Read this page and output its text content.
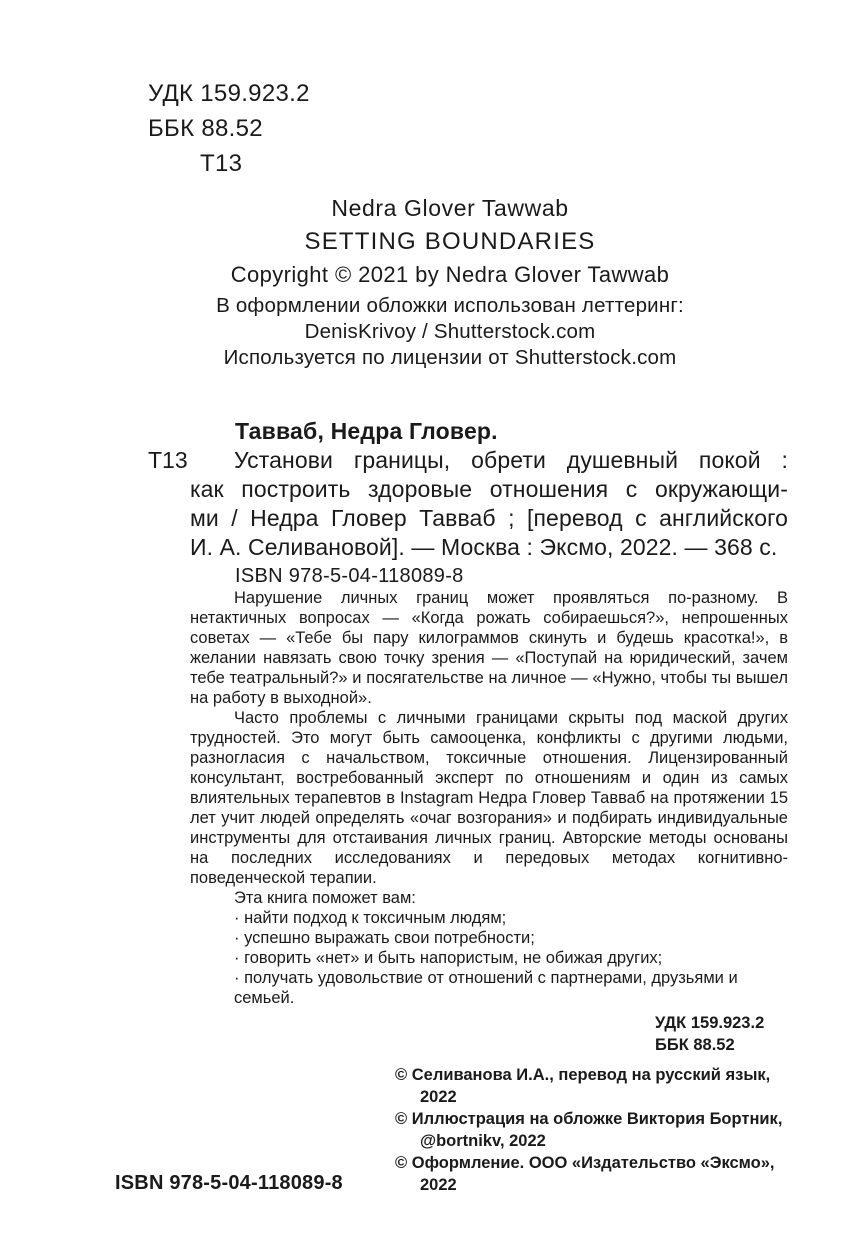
УДК 159.923.2
ББК 88.52
Т13
Nedra Glover Tawwab
SETTING BOUNDARIES
Copyright © 2021 by Nedra Glover Tawwab
В оформлении обложки использован леттеринг:
DenisKrivoy / Shutterstock.com
Используется по лицензии от Shutterstock.com
Тавваб, Недра Гловер.
Т13	Установи границы, обрети душевный покой :
как построить здоровые отношения с окружающи-
ми / Недра Гловер Тавваб ; [перевод с английского
И. А. Селивановой]. — Москва : Эксмо, 2022. — 368 с.
ISBN 978-5-04-118089-8

Нарушение личных границ может проявляться по-разному. В нетактичных вопросах — «Когда рожать собираешься?», непрошенных советах — «Тебе бы пару килограммов скинуть и будешь красотка!», в желании навязать свою точку зрения — «Поступай на юридический, зачем тебе театральный?» и посягательстве на личное — «Нужно, чтобы ты вышел на работу в выходной».

Часто проблемы с личными границами скрыты под маской других трудностей. Это могут быть самооценка, конфликты с другими людьми, разногласия с начальством, токсичные отношения. Лицензированный консультант, востребованный эксперт по отношениям и один из самых влиятельных терапевтов в Instagram Недра Гловер Тавваб на протяжении 15 лет учит людей определять «очаг возгорания» и подбирать индивидуальные инструменты для отстаивания личных границ. Авторские методы основаны на последних исследованиях и передовых методах когнитивно-поведенческой терапии.

Эта книга поможет вам:
· найти подход к токсичным людям;
· успешно выражать свои потребности;
· говорить «нет» и быть напористым, не обижая других;
· получать удовольствие от отношений с партнерами, друзьями и семьей.
УДК 159.923.2
ББК 88.52
ISBN 978-5-04-118089-8
© Селиванова И.А., перевод на русский язык, 2022
© Иллюстрация на обложке Виктория Бортник, @bortnikv, 2022
© Оформление. ООО «Издательство «Эксмо», 2022
